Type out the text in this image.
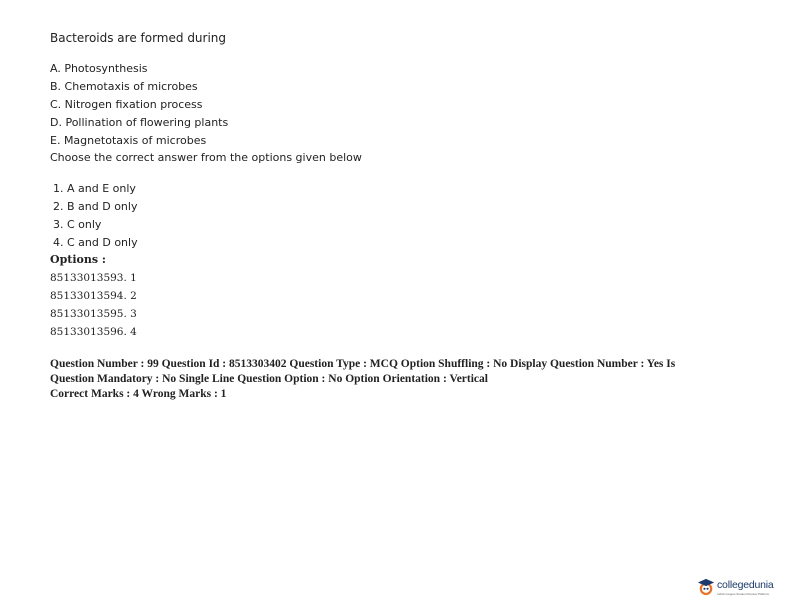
Bacteroids are formed during
A. Photosynthesis
B. Chemotaxis of microbes
C. Nitrogen fixation process
D. Pollination of flowering plants
E. Magnetotaxis of microbes
Choose the correct answer from the options given below
1. A and E only
2. B and D only
3. C only
4. C and D only
Options :
85133013593. 1
85133013594. 2
85133013595. 3
85133013596. 4
Question Number : 99 Question Id : 8513303402 Question Type : MCQ Option Shuffling : No Display Question Number : Yes Is
Question Mandatory : No Single Line Question Option : No Option Orientation : Vertical
Correct Marks : 4 Wrong Marks : 1
collegedunia
India's largest Student Review Platform
